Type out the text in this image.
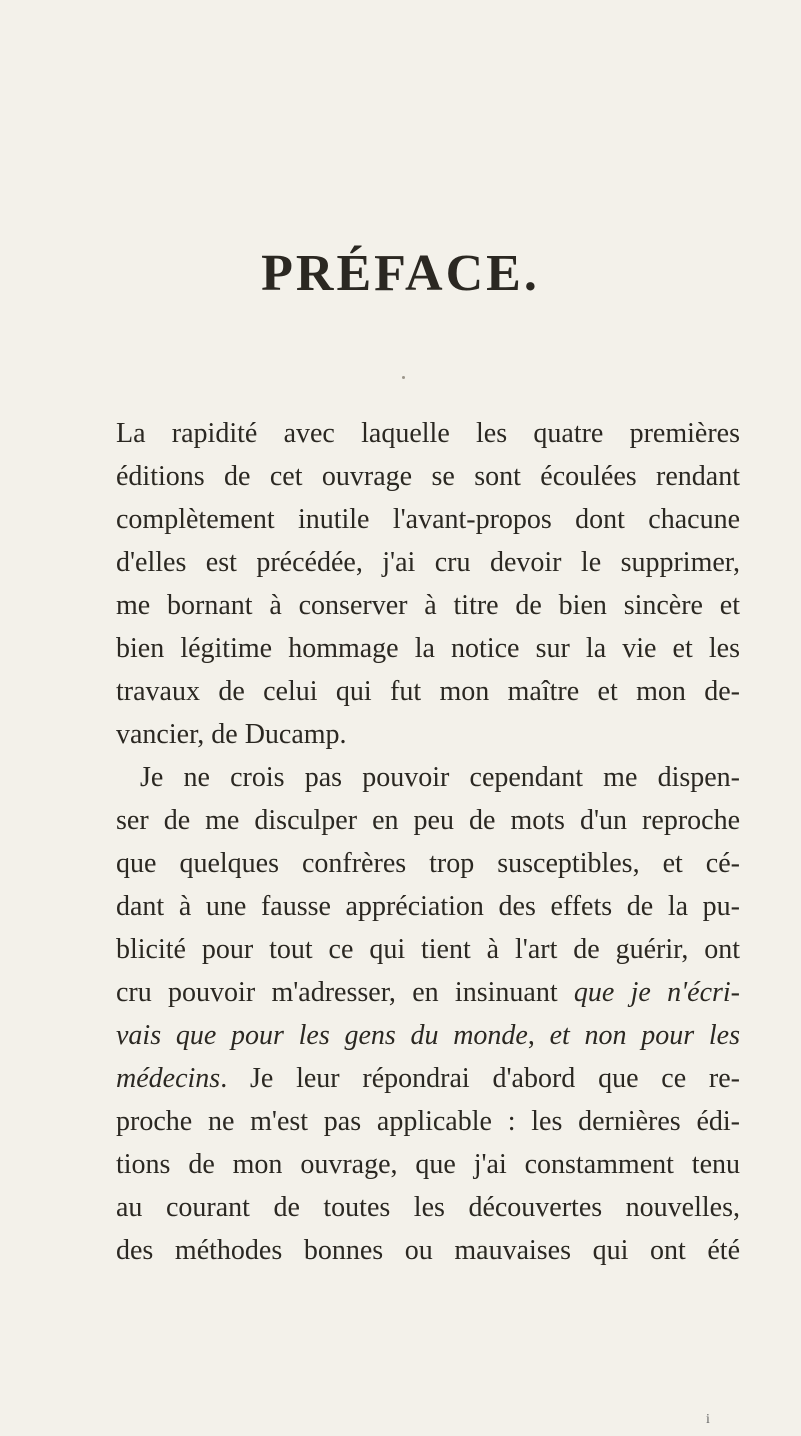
PRÉFACE.
La rapidité avec laquelle les quatre premières
éditions de cet ouvrage se sont écoulées rendant
complètement inutile l'avant-propos dont chacune
d'elles est précédée, j'ai cru devoir le supprimer,
me bornant à conserver à titre de bien sincère et
bien légitime hommage la notice sur la vie et les
travaux de celui qui fut mon maître et mon de-
vancier, de Ducamp.
Je ne crois pas pouvoir cependant me dispen-
ser de me disculper en peu de mots d'un reproche
que quelques confrères trop susceptibles, et cé-
dant à une fausse appréciation des effets de la pu-
blicité pour tout ce qui tient à l'art de guérir, ont
cru pouvoir m'adresser, en insinuant que je n'écri-
vais que pour les gens du monde, et non pour les
médecins. Je leur répondrai d'abord que ce re-
proche ne m'est pas applicable : les dernières édi-
tions de mon ouvrage, que j'ai constamment tenu
au courant de toutes les découvertes nouvelles,
des méthodes bonnes ou mauvaises qui ont été
i
